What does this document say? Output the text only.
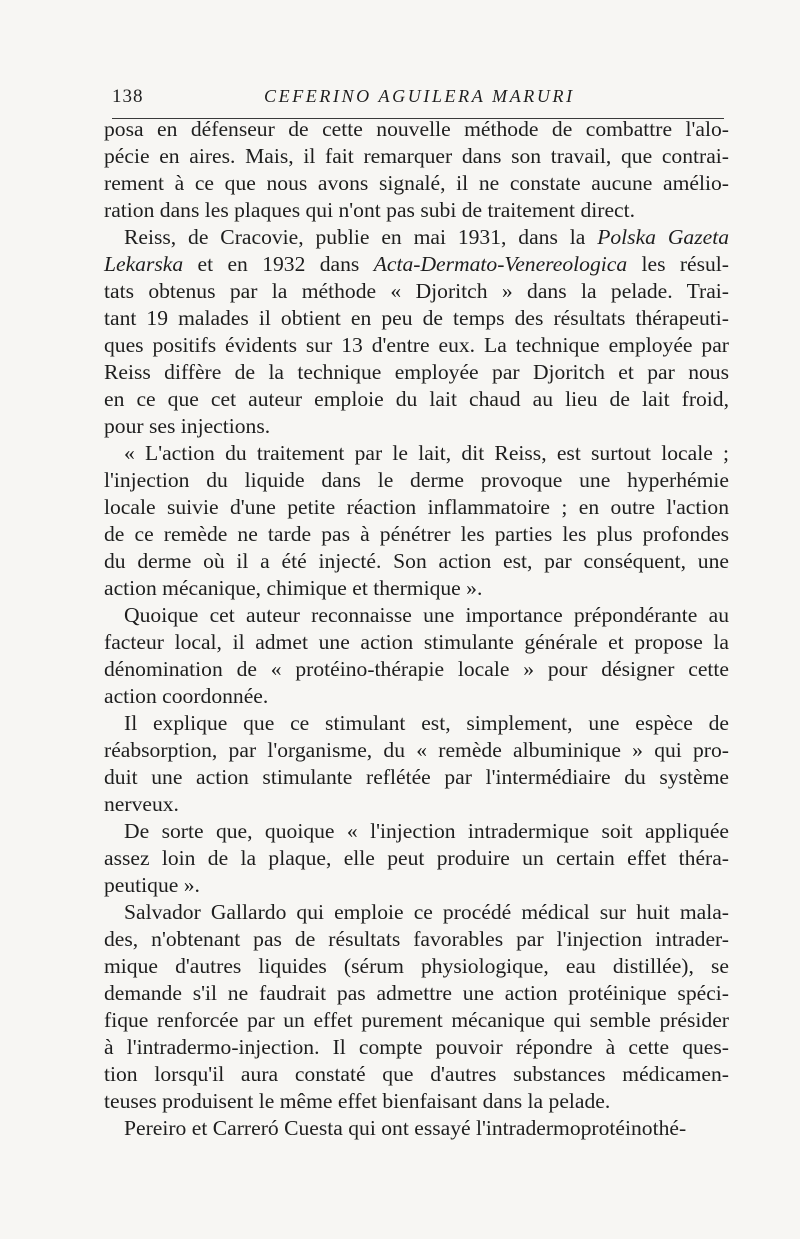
138	CEFERINO AGUILERA MARURI
posa en défenseur de cette nouvelle méthode de combattre l'alo-
pécie en aires. Mais, il fait remarquer dans son travail, que contrai-
rement à ce que nous avons signalé, il ne constate aucune amélio-
ration dans les plaques qui n'ont pas subi de traitement direct.
Reiss, de Cracovie, publie en mai 1931, dans la Polska Gazeta
Lekarska et en 1932 dans Acta-Dermato-Venereologica les résul-
tats obtenus par la méthode « Djoritch » dans la pelade. Trai-
tant 19 malades il obtient en peu de temps des résultats thérapeuti-
ques positifs évidents sur 13 d'entre eux. La technique employée par
Reiss diffère de la technique employée par Djoritch et par nous
en ce que cet auteur emploie du lait chaud au lieu de lait froid,
pour ses injections.
« L'action du traitement par le lait, dit Reiss, est surtout locale ;
l'injection du liquide dans le derme provoque une hyperhémie
locale suivie d'une petite réaction inflammatoire ; en outre l'action
de ce remède ne tarde pas à pénétrer les parties les plus profondes
du derme où il a été injecté. Son action est, par conséquent, une
action mécanique, chimique et thermique ».
Quoique cet auteur reconnaisse une importance prépondérante au
facteur local, il admet une action stimulante générale et propose la
dénomination de « protéino-thérapie locale » pour désigner cette
action coordonnée.
Il explique que ce stimulant est, simplement, une espèce de
réabsorption, par l'organisme, du « remède albuminique » qui pro-
duit une action stimulante reflétée par l'intermédiaire du système
nerveux.
De sorte que, quoique « l'injection intradermique soit appliquée
assez loin de la plaque, elle peut produire un certain effet théra-
peutique ».
Salvador Gallardo qui emploie ce procédé médical sur huit mala-
des, n'obtenant pas de résultats favorables par l'injection intrader-
mique d'autres liquides (sérum physiologique, eau distillée), se
demande s'il ne faudrait pas admettre une action protéinique spéci-
fique renforcée par un effet purement mécanique qui semble présider
à l'intradermo-injection. Il compte pouvoir répondre à cette ques-
tion lorsqu'il aura constaté que d'autres substances médicamen-
teuses produisent le même effet bienfaisant dans la pelade.
Pereiro et Carreró Cuesta qui ont essayé l'intradermoprotéinothé-
